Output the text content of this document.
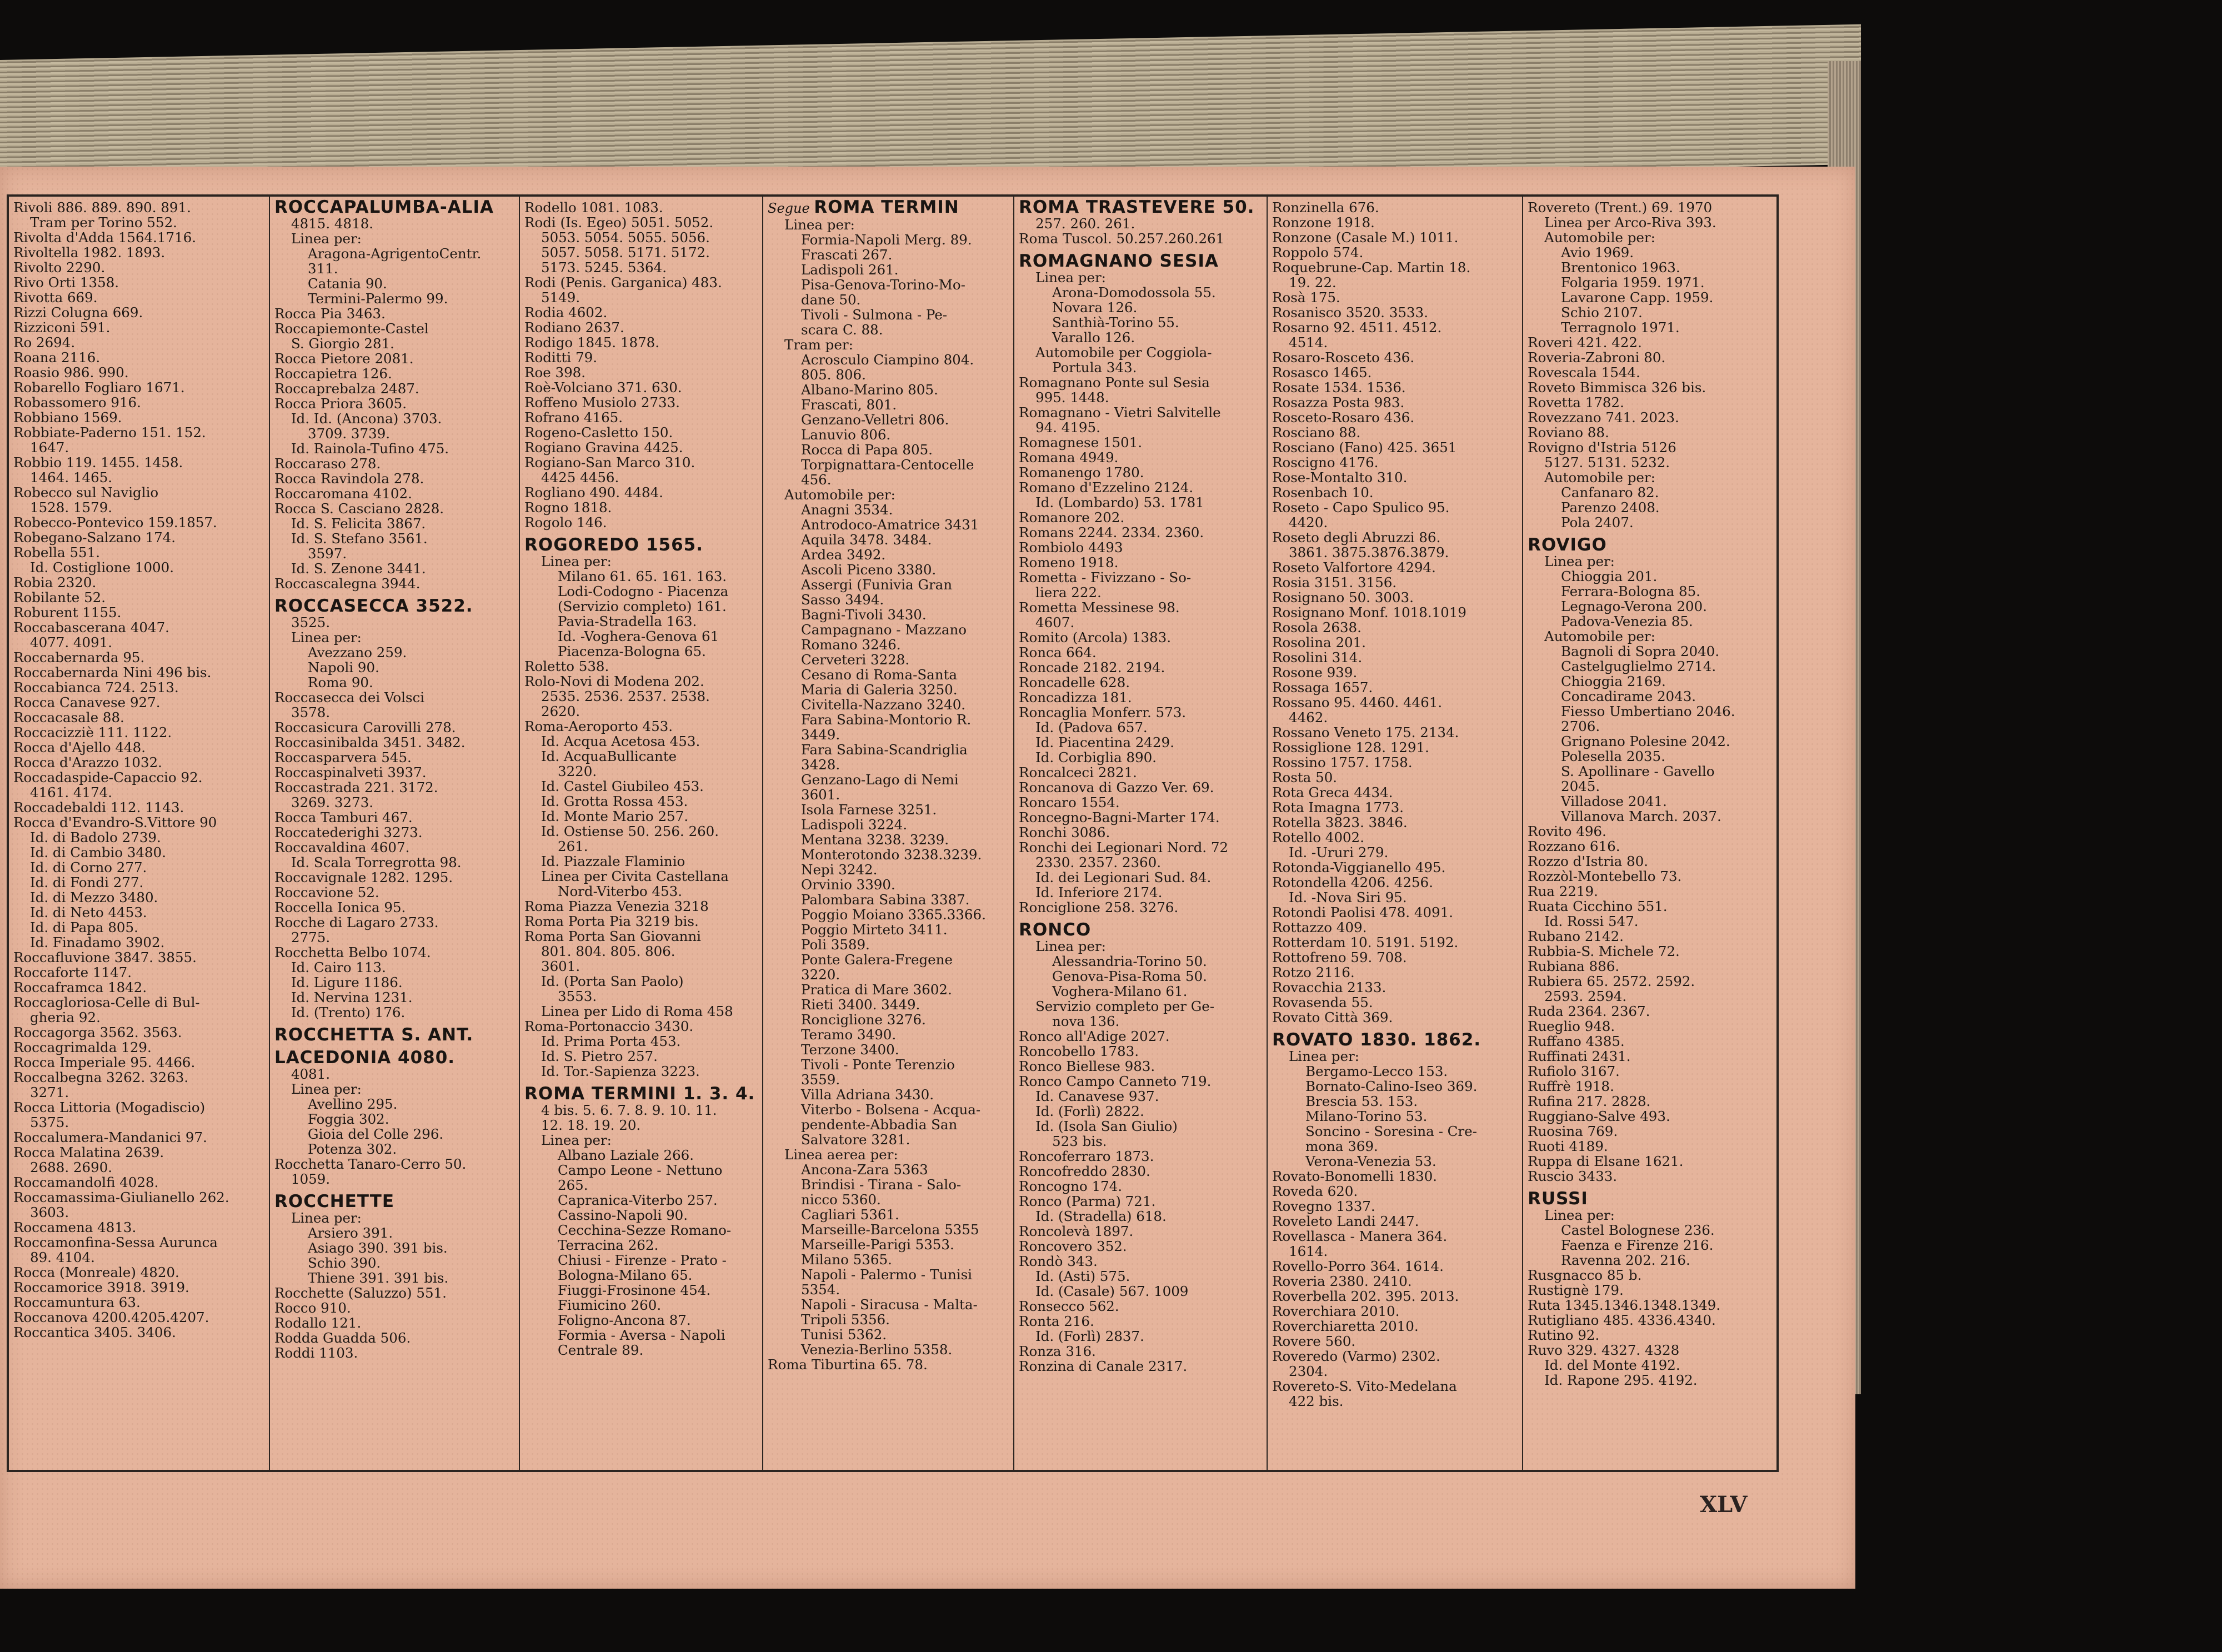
Rivoli 886. 889. 890. 891.
Tram per Torino 552.
Rivolta d'Adda 1564.1716.
Rivoltella 1982. 1893.
Rivolto 2290.
Rivo Orti 1358.
Rivotta 669.
Rizzi Colugna 669.
Rizziconi 591.
Ro 2694.
Roana 2116.
Roasio 986. 990.
Robarello Fogliaro 1671.
Robassomero 916.
Robbiano 1569.
Robbiate-Paderno 151. 152.
1647.
Robbio 119. 1455. 1458.
1464. 1465.
Robecco sul Naviglio
1528. 1579.
Robecco-Pontevico 159.1857.
Robegano-Salzano 174.
Robella 551.
Id. Costiglione 1000.
Robia 2320.
Robilante 52.
Roburent 1155.
Roccabascerana 4047.
4077. 4091.
Roccabernarda 95.
Roccabernarda Nini 496 bis.
Roccabianca 724. 2513.
Rocca Canavese 927.
Roccacasale 88.
Roccacizziè 111. 1122.
Rocca d'Ajello 448.
Rocca d'Arazzo 1032.
Roccadaspide-Capaccio 92.
4161. 4174.
Roccadebaldi 112. 1143.
Rocca d'Evandro-S.Vittore 90
Id. di Badolo 2739.
Id. di Cambio 3480.
Id. di Corno 277.
Id. di Fondi 277.
Id. di Mezzo 3480.
Id. di Neto 4453.
Id. di Papa 805.
Id. Finadamo 3902.
Roccafluvione 3847. 3855.
Roccaforte 1147.
Roccaframca 1842.
Roccagloriosa-Celle di Bul-
gheria 92.
Roccagorga 3562. 3563.
Roccagrimalda 129.
Rocca Imperiale 95. 4466.
Roccalbegna 3262. 3263.
3271.
Rocca Littoria (Mogadiscio)
5375.
Roccalumera-Mandanici 97.
Rocca Malatina 2639.
2688. 2690.
Roccamandolfi 4028.
Roccamassima-Giulianello 262.
3603.
Roccamena 4813.
Roccamonfina-Sessa Aurunca
89. 4104.
Rocca (Monreale) 4820.
Roccamorice 3918. 3919.
Roccamuntura 63.
Roccanova 4200.4205.4207.
Roccantica 3405. 3406.
ROCCAPALUMBA-ALIA
4815. 4818.
Linea per:
Aragona-AgrigentoCentr.
311.
Catania 90.
Termini-Palermo 99.
Rocca Pia 3463.
Roccapiemonte-Castel
S. Giorgio 281.
Rocca Pietore 2081.
Roccapietra 126.
Roccaprebalza 2487.
Rocca Priora 3605.
Id. Id. (Ancona) 3703.
3709. 3739.
Id. Rainola-Tufino 475.
Roccaraso 278.
Rocca Ravindola 278.
Roccaromana 4102.
Rocca S. Casciano 2828.
Id. S. Felicita 3867.
Id. S. Stefano 3561.
3597.
Id. S. Zenone 3441.
Roccascalegna 3944.
ROCCASECCA 3522.
3525.
Linea per:
Avezzano 259.
Napoli 90.
Roma 90.
Roccasecca dei Volsci
3578.
Roccasicura Carovilli 278.
Roccasinibalda 3451. 3482.
Roccasparvera 545.
Roccaspinalveti 3937.
Roccastrada 221. 3172.
3269. 3273.
Rocca Tamburi 467.
Roccatederighi 3273.
Roccavaldina 4607.
Id. Scala Torregrotta 98.
Roccavignale 1282. 1295.
Roccavione 52.
Roccella Ionica 95.
Rocche di Lagaro 2733.
2775.
Rocchetta Belbo 1074.
Id. Cairo 113.
Id. Ligure 1186.
Id. Nervina 1231.
Id. (Trento) 176.
ROCCHETTA S. ANT.
LACEDONIA 4080.
4081.
Linea per:
Avellino 295.
Foggia 302.
Gioia del Colle 296.
Potenza 302.
Rocchetta Tanaro-Cerro 50.
1059.
ROCCHETTE
Linea per:
Arsiero 391.
Asiago 390. 391 bis.
Schio 390.
Thiene 391. 391 bis.
Rocchette (Saluzzo) 551.
Rocco 910.
Rodallo 121.
Rodda Guadda 506.
Roddi 1103.
Rodello 1081. 1083.
Rodi (Is. Egeo) 5051. 5052.
5053. 5054. 5055. 5056.
5057. 5058. 5171. 5172.
5173. 5245. 5364.
Rodi (Penis. Garganica) 483.
5149.
Rodia 4602.
Rodiano 2637.
Rodigo 1845. 1878.
Roditti 79.
Roe 398.
Roè-Volciano 371. 630.
Roffeno Musiolo 2733.
Rofrano 4165.
Rogeno-Casletto 150.
Rogiano Gravina 4425.
Rogiano-San Marco 310.
4425 4456.
Rogliano 490. 4484.
Rogno 1818.
Rogolo 146.
ROGOREDO 1565.
Linea per:
Milano 61. 65. 161. 163.
Lodi-Codogno - Piacenza
(Servizio completo) 161.
Pavia-Stradella 163.
Id. -Voghera-Genova 61
Piacenza-Bologna 65.
Roletto 538.
Rolo-Novi di Modena 202.
2535. 2536. 2537. 2538.
2620.
Roma-Aeroporto 453.
Id. Acqua Acetosa 453.
Id. AcquaBullicante
3220.
Id. Castel Giubileo 453.
Id. Grotta Rossa 453.
Id. Monte Mario 257.
Id. Ostiense 50. 256. 260.
261.
Id. Piazzale Flaminio
Linea per Civita Castellana
Nord-Viterbo 453.
Roma Piazza Venezia 3218
Roma Porta Pia 3219 bis.
Roma Porta San Giovanni
801. 804. 805. 806.
3601.
Id. (Porta San Paolo)
3553.
Linea per Lido di Roma 458
Roma-Portonaccio 3430.
Id. Prima Porta 453.
Id. S. Pietro 257.
Id. Tor.-Sapienza 3223.
ROMA TERMINI 1. 3. 4.
4 bis. 5. 6. 7. 8. 9. 10. 11.
12. 18. 19. 20.
Linea per:
Albano Laziale 266.
Campo Leone - Nettuno
265.
Capranica-Viterbo 257.
Cassino-Napoli 90.
Cecchina-Sezze Romano-
Terracina 262.
Chiusi - Firenze - Prato -
Bologna-Milano 65.
Fiuggi-Frosinone 454.
Fiumicino 260.
Foligno-Ancona 87.
Formia - Aversa - Napoli
Centrale 89.
Segue ROMA TERMIN
Linea per:
Formia-Napoli Merg. 89.
Frascati 267.
Ladispoli 261.
Pisa-Genova-Torino-Mo-
dane 50.
Tivoli - Sulmona - Pe-
scara C. 88.
Tram per:
Acrosculo Ciampino 804.
805. 806.
Albano-Marino 805.
Frascati, 801.
Genzano-Velletri 806.
Lanuvio 806.
Rocca di Papa 805.
Torpignattara-Centocelle
456.
Automobile per:
Anagni 3534.
Antrodoco-Amatrice 3431
Aquila 3478. 3484.
Ardea 3492.
Ascoli Piceno 3380.
Assergi (Funivia Gran
Sasso 3494.
Bagni-Tivoli 3430.
Campagnano - Mazzano
Romano 3246.
Cerveteri 3228.
Cesano di Roma-Santa
Maria di Galeria 3250.
Civitella-Nazzano 3240.
Fara Sabina-Montorio R.
3449.
Fara Sabina-Scandriglia
3428.
Genzano-Lago di Nemi
3601.
Isola Farnese 3251.
Ladispoli 3224.
Mentana 3238. 3239.
Monterotondo 3238.3239.
Nepi 3242.
Orvinio 3390.
Palombara Sabina 3387.
Poggio Moiano 3365.3366.
Poggio Mirteto 3411.
Poli 3589.
Ponte Galera-Fregene
3220.
Pratica di Mare 3602.
Rieti 3400. 3449.
Ronciglione 3276.
Teramo 3490.
Terzone 3400.
Tivoli - Ponte Terenzio
3559.
Villa Adriana 3430.
Viterbo - Bolsena - Acqua-
pendente-Abbadia San
Salvatore 3281.
Linea aerea per:
Ancona-Zara 5363
Brindisi - Tirana - Salo-
nicco 5360.
Cagliari 5361.
Marseille-Barcelona 5355
Marseille-Parigi 5353.
Milano 5365.
Napoli - Palermo - Tunisi
5354.
Napoli - Siracusa - Malta-
Tripoli 5356.
Tunisi 5362.
Venezia-Berlino 5358.
Roma Tiburtina 65. 78.
ROMA TRASTEVERE 50.
257. 260. 261.
Roma Tuscol. 50.257.260.261
ROMAGNANO SESIA
Linea per:
Arona-Domodossola 55.
Novara 126.
Santhià-Torino 55.
Varallo 126.
Automobile per Coggiola-
Portula 343.
Romagnano Ponte sul Sesia
995. 1448.
Romagnano - Vietri Salvitelle
94. 4195.
Romagnese 1501.
Romana 4949.
Romanengo 1780.
Romano d'Ezzelino 2124.
Id. (Lombardo) 53. 1781
Romanore 202.
Romans 2244. 2334. 2360.
Rombiolo 4493
Romeno 1918.
Rometta - Fivizzano - So-
liera 222.
Rometta Messinese 98.
4607.
Romito (Arcola) 1383.
Ronca 664.
Roncade 2182. 2194.
Roncadelle 628.
Roncadizza 181.
Roncaglia Monferr. 573.
Id. (Padova 657.
Id. Piacentina 2429.
Id. Corbiglia 890.
Roncalceci 2821.
Roncanova di Gazzo Ver. 69.
Roncaro 1554.
Roncegno-Bagni-Marter 174.
Ronchi 3086.
Ronchi dei Legionari Nord. 72
2330. 2357. 2360.
Id. dei Legionari Sud. 84.
Id. Inferiore 2174.
Ronciglione 258. 3276.
RONCO
Linea per:
Alessandria-Torino 50.
Genova-Pisa-Roma 50.
Voghera-Milano 61.
Servizio completo per Ge-
nova 136.
Ronco all'Adige 2027.
Roncobello 1783.
Ronco Biellese 983.
Ronco Campo Canneto 719.
Id. Canavese 937.
Id. (Forlì) 2822.
Id. (Isola San Giulio)
523 bis.
Roncoferraro 1873.
Roncofreddo 2830.
Roncogno 174.
Ronco (Parma) 721.
Id. (Stradella) 618.
Roncolevà 1897.
Roncovero 352.
Rondò 343.
Id. (Asti) 575.
Id. (Casale) 567. 1009
Ronsecco 562.
Ronta 216.
Id. (Forlì) 2837.
Ronza 316.
Ronzina di Canale 2317.
Ronzinella 676.
Ronzone 1918.
Ronzone (Casale M.) 1011.
Roppolo 574.
Roquebrune-Cap. Martin 18.
19. 22.
Rosà 175.
Rosanisco 3520. 3533.
Rosarno 92. 4511. 4512.
4514.
Rosaro-Rosceto 436.
Rosasco 1465.
Rosate 1534. 1536.
Rosazza Posta 983.
Rosceto-Rosaro 436.
Rosciano 88.
Rosciano (Fano) 425. 3651
Roscigno 4176.
Rose-Montalto 310.
Rosenbach 10.
Roseto - Capo Spulico 95.
4420.
Roseto degli Abruzzi 86.
3861. 3875.3876.3879.
Roseto Valfortore 4294.
Rosia 3151. 3156.
Rosignano 50. 3003.
Rosignano Monf. 1018.1019
Rosola 2638.
Rosolina 201.
Rosolini 314.
Rosone 939.
Rossaga 1657.
Rossano 95. 4460. 4461.
4462.
Rossano Veneto 175. 2134.
Rossiglione 128. 1291.
Rossino 1757. 1758.
Rosta 50.
Rota Greca 4434.
Rota Imagna 1773.
Rotella 3823. 3846.
Rotello 4002.
Id. -Ururi 279.
Rotonda-Viggianello 495.
Rotondella 4206. 4256.
Id. -Nova Siri 95.
Rotondi Paolisi 478. 4091.
Rottazzo 409.
Rotterdam 10. 5191. 5192.
Rottofreno 59. 708.
Rotzo 2116.
Rovacchia 2133.
Rovasenda 55.
Rovato Città 369.
ROVATO 1830. 1862.
Linea per:
Bergamo-Lecco 153.
Bornato-Calino-Iseo 369.
Brescia 53. 153.
Milano-Torino 53.
Soncino - Soresina - Cre-
mona 369.
Verona-Venezia 53.
Rovato-Bonomelli 1830.
Roveda 620.
Rovegno 1337.
Roveleto Landi 2447.
Rovellasca - Manera 364.
1614.
Rovello-Porro 364. 1614.
Roveria 2380. 2410.
Roverbella 202. 395. 2013.
Roverchiara 2010.
Roverchiaretta 2010.
Rovere 560.
Roveredo (Varmo) 2302.
2304.
Rovereto-S. Vito-Medelana
422 bis.
Rovereto (Trent.) 69. 1970
Linea per Arco-Riva 393.
Automobile per:
Avio 1969.
Brentonico 1963.
Folgaria 1959. 1971.
Lavarone Capp. 1959.
Schio 2107.
Terragnolo 1971.
Roveri 421. 422.
Roveria-Zabroni 80.
Rovescala 1544.
Roveto Bimmisca 326 bis.
Rovetta 1782.
Rovezzano 741. 2023.
Roviano 88.
Rovigno d'Istria 5126
5127. 5131. 5232.
Automobile per:
Canfanaro 82.
Parenzo 2408.
Pola 2407.
ROVIGO
Linea per:
Chioggia 201.
Ferrara-Bologna 85.
Legnago-Verona 200.
Padova-Venezia 85.
Automobile per:
Bagnoli di Sopra 2040.
Castelguglielmo 2714.
Chioggia 2169.
Concadirame 2043.
Fiesso Umbertiano 2046.
2706.
Grignano Polesine 2042.
Polesella 2035.
S. Apollinare - Gavello
2045.
Villadose 2041.
Villanova March. 2037.
Rovito 496.
Rozzano 616.
Rozzo d'Istria 80.
Rozzòl-Montebello 73.
Rua 2219.
Ruata Cicchino 551.
Id. Rossi 547.
Rubano 2142.
Rubbia-S. Michele 72.
Rubiana 886.
Rubiera 65. 2572. 2592.
2593. 2594.
Ruda 2364. 2367.
Rueglio 948.
Ruffano 4385.
Ruffinati 2431.
Rufiolo 3167.
Ruffrè 1918.
Rufina 217. 2828.
Ruggiano-Salve 493.
Ruosina 769.
Ruoti 4189.
Ruppa di Elsane 1621.
Ruscio 3433.
RUSSI
Linea per:
Castel Bolognese 236.
Faenza e Firenze 216.
Ravenna 202. 216.
Rusgnacco 85 b.
Rustignè 179.
Ruta 1345.1346.1348.1349.
Rutigliano 485. 4336.4340.
Rutino 92.
Ruvo 329. 4327. 4328
Id. del Monte 4192.
Id. Rapone 295. 4192.
XLV
